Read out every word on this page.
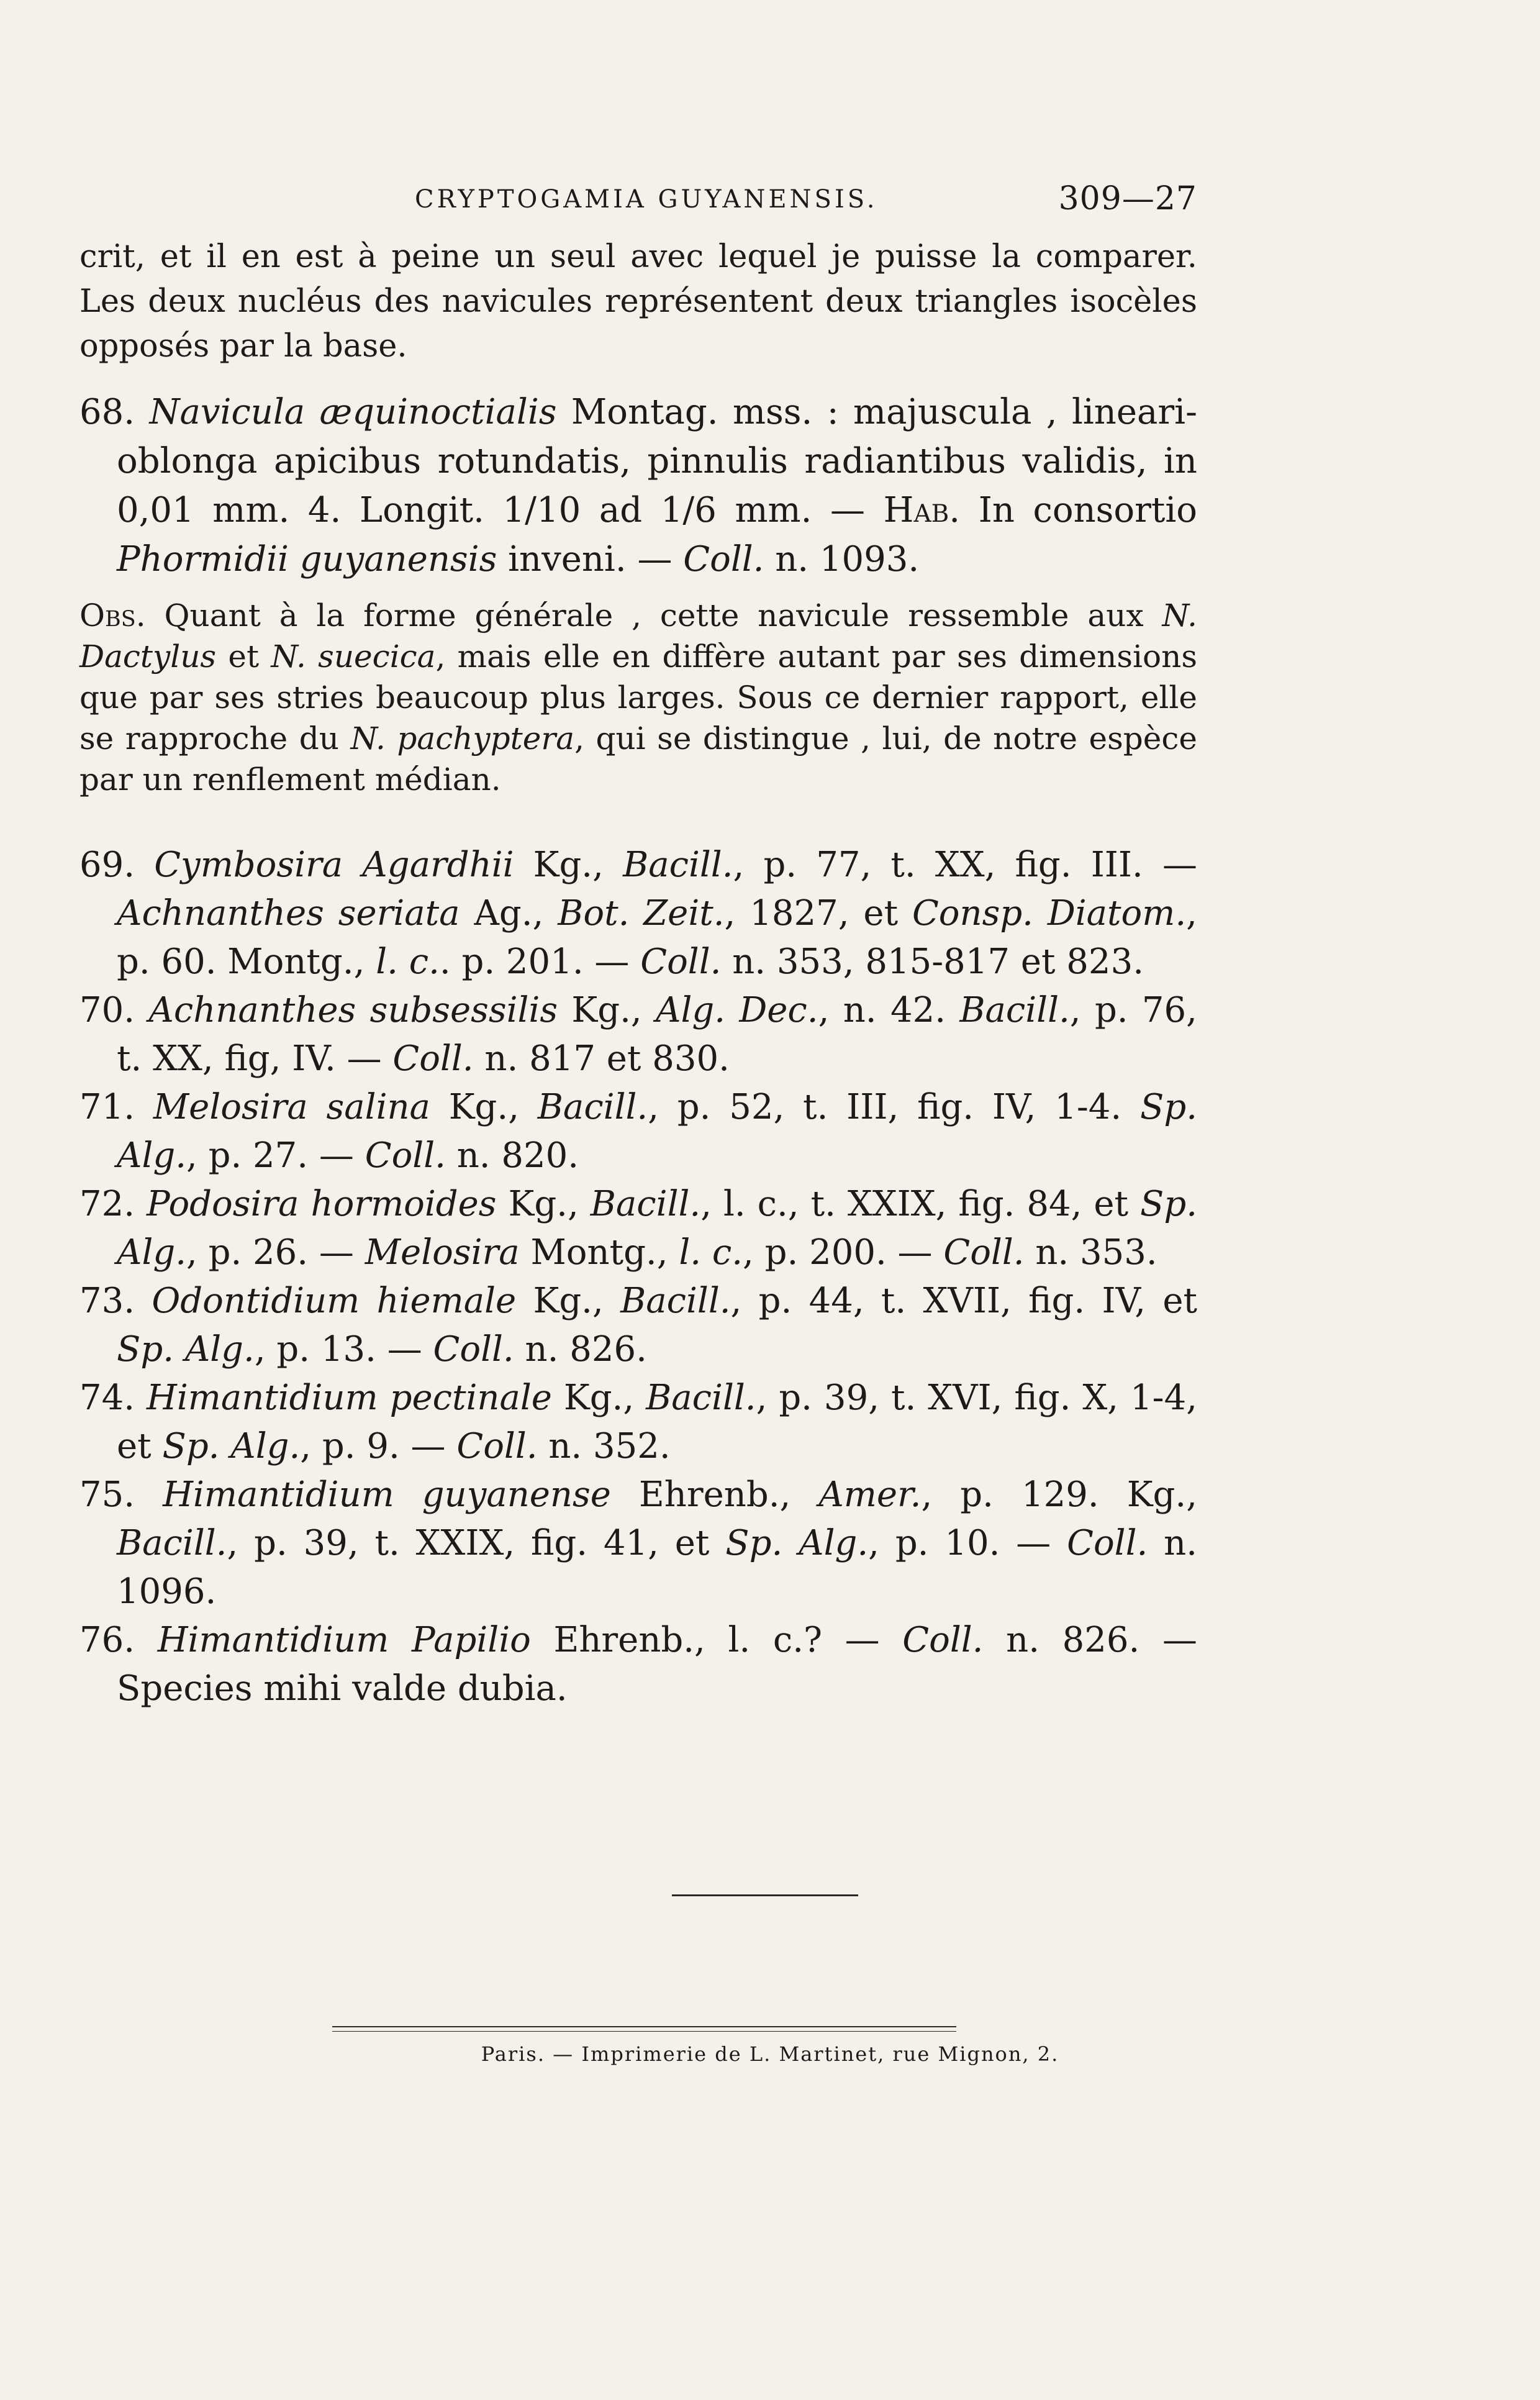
CRYPTOGAMIA GUYANENSIS.	309—27

crit, et il en est à peine un seul avec lequel je puisse la comparer. Les deux nucléus des navicules représentent deux triangles isocèles opposés par la base.

68. Navicula æquinoctialis Montag. mss. : majuscula , lineari-oblonga apicibus rotundatis, pinnulis radiantibus validis, in 0,01 mm. 4. Longit. 1/10 ad 1/6 mm. — Hab. In consortio Phormidii guyanensis inveni. — Coll. n. 1093.

Obs. Quant à la forme générale , cette navicule ressemble aux N. Dactylus et N. suecica, mais elle en diffère autant par ses dimensions que par ses stries beaucoup plus larges. Sous ce dernier rapport, elle se rapproche du N. pachyptera, qui se distingue , lui, de notre espèce par un renflement médian.

69. Cymbosira Agardhii Kg., Bacill., p. 77, t. XX, fig. III. — Achnanthes seriata Ag., Bot. Zeit., 1827, et Consp. Diatom., p. 60. Montg., l. c.. p. 201. — Coll. n. 353, 815-817 et 823.

70. Achnanthes subsessilis Kg., Alg. Dec., n. 42. Bacill., p. 76, t. XX, fig, IV. — Coll. n. 817 et 830.

71. Melosira salina Kg., Bacill., p. 52, t. III, fig. IV, 1-4. Sp. Alg., p. 27. — Coll. n. 820.

72. Podosira hormoides Kg., Bacill., l. c., t. XXIX, fig. 84, et Sp. Alg., p. 26. — Melosira Montg., l. c., p. 200. — Coll. n. 353.

73. Odontidium hiemale Kg., Bacill., p. 44, t. XVII, fig. IV, et Sp. Alg., p. 13. — Coll. n. 826.

74. Himantidium pectinale Kg., Bacill., p. 39, t. XVI, fig. X, 1-4, et Sp. Alg., p. 9. — Coll. n. 352.

75. Himantidium guyanense Ehrenb., Amer., p. 129. Kg., Bacill., p. 39, t. XXIX, fig. 41, et Sp. Alg., p. 10. — Coll. n. 1096.

76. Himantidium Papilio Ehrenb., l. c.? — Coll. n. 826. — Species mihi valde dubia.

Paris. — Imprimerie de L. Martinet, rue Mignon, 2.
